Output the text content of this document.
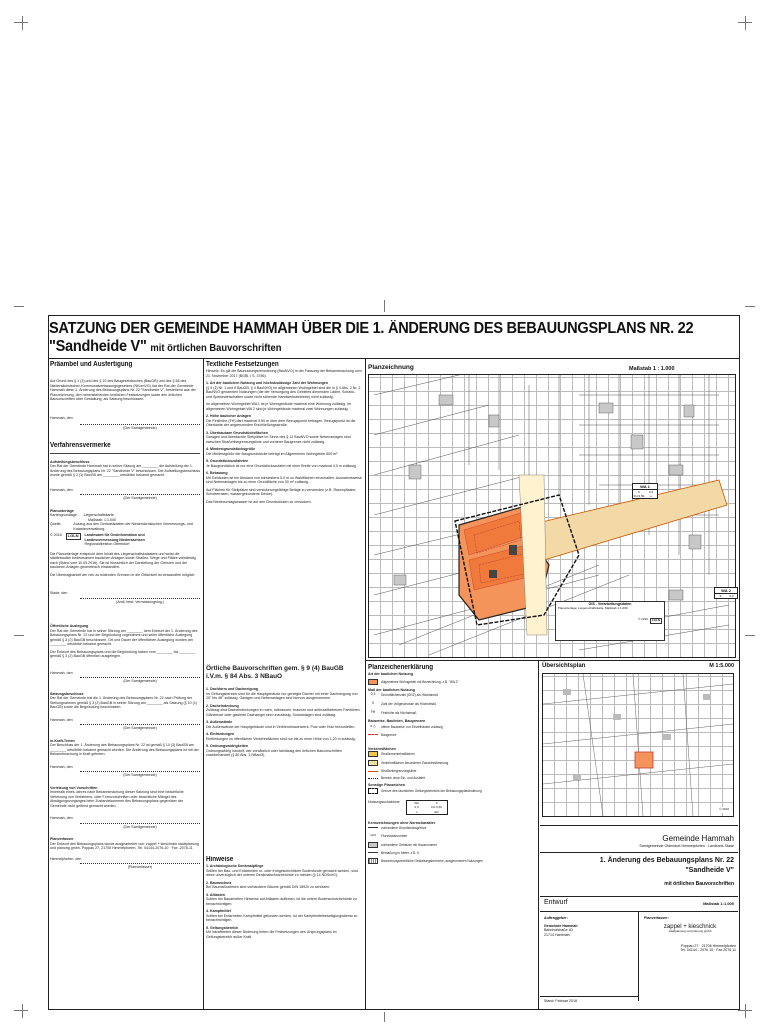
SATZUNG DER GEMEINDE HAMMAH ÜBER DIE 1. ÄNDERUNG DES BEBAUUNGSPLANS NR. 22
"Sandheide V" mit örtlichen Bauvorschriften
Präambel und Ausfertigung
Auf Grund des § 1 (3) und des § 10 des Baugesetzbuches (BauGB) und des § 58 des Niedersächsischen Kommunalverfassungsgesetzes (NKomVG) hat der Rat der Gemeinde Hammah diese 1. Änderung des Bebauungsplans Nr. 22 "Sandheide V", bestehend aus der Planzeichnung, den nebenstehenden textlichen Festsetzungen sowie den örtlichen Bauvorschriften über Gestaltung, als Satzung beschlossen.
Hammah, den
(Der Samtgemeinde)
Verfahrensvermerke
Aufstellungsbeschluss
Der Rat der Gemeinde Hammah hat in seiner Sitzung am ________ die Aufstellung der 1. Änderung des Bebauungsplans Nr. 22 "Sandheide V" beschlossen. Der Aufstellungsbeschluss wurde gemäß § 2 (1) BauGB am ________ ortsüblich bekannt gemacht.
Hammah, den
(Der Samtgemeinde)
Planunterlage
Kartengrundlage: Liegenschaftskarte
Maßstab: 1:1.000
Quelle:	Auszug aus den Geobasisdaten der Niedersächsischen Vermessungs- und Katasterverwaltung,
© 2016	LGLN	Landesamt für Geoinformation und
Landesvermessung Niedersachsen
Regionaldirektion Otterndorf
Die Planunterlage entspricht dem Inhalt des Liegenschaftskatasters und weist die städtebaulich bedeutsamen baulichen Anlagen sowie Straßen, Wege und Plätze vollständig nach (Stand vom 10.05.2016). Sie ist hinsichtlich der Darstellung der Grenzen und der baulichen Anlagen geometrisch einwandfrei.
Die Übertragbarkeit der neu zu bildenden Grenzen in die Örtlichkeit ist einwandfrei möglich.
Stade, den
(Amtl. best. Vermessungsing.)
Öffentliche Auslegung
Der Rat der Gemeinde hat in seiner Sitzung am ________ dem Entwurf der 1. Änderung des Bebauungsplans Nr. 22 und der Begründung zugestimmt und seine öffentliche Auslegung gemäß § 3 (2) BauGB beschlossen. Ort und Dauer der öffentlichen Auslegung wurden am ________ ortsüblich bekannt gemacht.
Der Entwurf des Bebauungsplans und die Begründung haben vom ________ bis ________ gemäß § 3 (2) BauGB öffentlich ausgelegen.
Hammah, den
(Der Samtgemeinde)
Satzungsbeschluss
Der Rat der Gemeinde hat die 1. Änderung des Bebauungsplans Nr. 22 nach Prüfung der Stellungnahmen gemäß § 3 (2) BauGB in seiner Sitzung am ________ als Satzung (§ 10 (1) BauGB) sowie die Begründung beschlossen.
Hammah, den
(Der Samtgemeinde)
In-Kraft-Treten
Der Beschluss der 1. Änderung des Bebauungsplans Nr. 22 ist gemäß § 10 (3) BauGB am ________ ortsüblich bekannt gemacht worden. Die Änderung des Bebauungsplans ist mit der Bekanntmachung in Kraft getreten.
Hammah, den
(Der Samtgemeinde)
Verletzung von Vorschriften
Innerhalb eines Jahres nach Bekanntmachung dieser Satzung sind eine beachtliche Verletzung von Verfahrens- oder Formvorschriften oder beachtliche Mängel des Abwägungsvorganges beim Zustandekommen des Bebauungsplans gegenüber der Gemeinde nicht geltend gemacht worden.
Hammah, den
(Der Samtgemeinde)
Planverfasser
Der Entwurf des Bebauungsplans wurde ausgearbeitet von: zappel + kieschnick stadtplanung und planung gmbh, Poppau 27, 21706 Himmelpforten, Tel. 04144-2076-10 · Fax -2076-11
Himmelpforten, den
(Planverfasser)
Textliche Festsetzungen
Hinweis: Es gilt die Baunutzungsverordnung (BauNVO) in der Fassung der Bekanntmachung vom 21. November 2017 (BGBl. I S. 3786).
1. Art der baulichen Nutzung und höchstzulässige Zahl der Wohnungen
(§ 9 (1) Nr. 1 und 6 BauGB, § 4 BauNVO) Im allgemeinen Wohngebiet sind die in § 4 Abs. 2 Nr. 2 BauNVO genannten Nutzungen (die der Versorgung des Gebietes dienenden Läden, Schank- und Speisewirtschaften sowie nicht störende Handwerksbetriebe) nicht zulässig.
Im allgemeinen Wohngebiet WA 1 ist je Wohngebäude maximal eine Wohnung zulässig. Im allgemeinen Wohngebiet WA 2 sind je Wohngebäude maximal zwei Wohnungen zulässig.
2. Höhe baulicher Anlagen
Die Firsthöhe (FH) darf maximal 9,50 m über dem Bezugspunkt betragen. Bezugspunkt ist die Oberkante der angrenzenden Erschließungsstraße.
3. Überbaubare Grundstücksflächen
Garagen und überdachte Stellplätze im Sinne des § 12 BauNVO sowie Nebenanlagen sind zwischen Straßenbegrenzungslinie und vorderer Baugrenze nicht zulässig.
4. Mindestgrundstücksgröße
Die Mindestgröße der Baugrundstücke beträgt im Allgemeinen Wohngebiet 600 m².
5. Grundstückszufahrten
Je Baugrundstück ist nur eine Grundstückszufahrt mit einer Breite von maximal 4,0 m zulässig.
6. Bebauung
Mit Gebäuden ist ein Abstand von mindestens 5,0 m zu Waldflächen einzuhalten. Ausnahmsweise sind Nebenanlagen bis zu einer Grundfläche von 30 m² zulässig.
Auf Flächen für Stellplätze sind versickerungsfähige Beläge zu verwenden (z.B. Rasenpflaster, Schotterrasen, wassergebundene Decke).
Das Niederschlagswasser ist auf den Grundstücken zu versickern.
Örtliche Bauvorschriften gem. § 9 (4) BauGB i.V.m. § 84 Abs. 3 NBauO
1. Dachform und Dachneigung
Im Geltungsbereich sind für die Hauptgebäude nur geneigte Dächer mit einer Dachneigung von 20° bis 48° zulässig. Garagen und Nebenanlagen sind hiervon ausgenommen.
2. Dacheindeckung
Zulässig sind Dacheindeckungen in roten, rotbraunen, braunen und anthrazitfarbenen Farbtönen. Glänzende oder glasierte Dachziegel sind unzulässig. Solaranlagen sind zulässig.
3. Außenwände
Die Außenwände der Hauptgebäude sind in Verblendmauerwerk, Putz oder Holz herzustellen.
4. Einfriedungen
Einfriedungen zu öffentlichen Verkehrsflächen sind nur bis zu einer Höhe von 1,20 m zulässig.
5. Ordnungswidrigkeiten
Ordnungswidrig handelt, wer vorsätzlich oder fahrlässig den örtlichen Bauvorschriften zuwiderhandelt (§ 80 Abs. 3 NBauO).
Hinweise
1. Archäologische Denkmalpflege
Sollten bei Bau- und Erdarbeiten ur- oder frühgeschichtliche Bodenfunde gemacht werden, sind diese unverzüglich der unteren Denkmalschutzbehörde zu melden (§ 14 NDSchG).
2. Baumschutz
Bei Baumaßnahmen sind vorhandene Bäume gemäß DIN 18920 zu schützen.
3. Altlasten
Sollten bei Bauarbeiten Hinweise auf Altlasten auftreten, ist die untere Bodenschutzbehörde zu benachrichtigen.
4. Kampfmittel
Sollten bei Erdarbeiten Kampfmittel gefunden werden, ist der Kampfmittelbeseitigungsdienst zu benachrichtigen.
5. Geltungsbereich
Mit Inkrafttreten dieser Änderung treten die Festsetzungen des Ursprungsplans im Geltungsbereich außer Kraft.
Planzeichnung	Maßstab 1 : 1.000
WA 1
II	0,3
FH 9,50	o
WA 2
II	0,3
GIS - Verarbeitungsdaten
Planunterlage: Liegenschaftskarte, Maßstab 1:1.000
© 2016	LGLN
Planzeichenerklärung
Art der baulichen Nutzung
Allgemeines Wohngebiet mit Bezeichnung, z.B. "WA 2"
Maß der baulichen Nutzung
0,3	Grundflächenzahl (GRZ) als Höchstmaß
II	Zahl der Vollgeschosse als Höchstmaß
FH	Firsthöhe als Höchstmaß
Bauweise, Baulinien, Baugrenzen
o △	offene Bauweise, nur Einzelhäuser zulässig
Baugrenze
Verkehrsflächen
Straßenverkehrsflächen
Verkehrsflächen besonderer Zweckbestimmung
Straßenbegrenzungslinie
Bereich ohne Ein- und Ausfahrt
Sonstige Planzeichen
Grenze des räumlichen Geltungsbereichs der Bebauungsplanänderung
Nutzungsschablone	WA	II
0,3	FH 9,50
o	ED
Kennzeichnungen ohne Normcharakter
vorhandene Grundstücksgrenze
12/3	Flurstücksnummer
vorhandene Gebäude mit Hausnummer
Bemaßung in Meter, z.B. 5
Bauordnungsrechtliche Gestaltungsbereiche, ausgenommen Nutzungen
Übersichtsplan	M 1:5.000
© 2016
Gemeinde Hammah
Samtgemeinde Oldendorf-Himmelpforten · Landkreis Stade
1. Änderung des Bebauungsplans Nr. 22
"Sandheide V"
mit örtlichen Bauvorschriften
Entwurf	Maßstab 1:1.000
Auftraggeber:
Gemeinde Hammah
Bahnhofstraße 40
21714 Hammah
Planverfasser:
zappel + kieschnick
stadtplanung und planung gmbh
Poppau 27 · 21706 Himmelpforten
Tel. 04144 - 2076 10 · Fax 2076 11
Stand: Februar 2018
